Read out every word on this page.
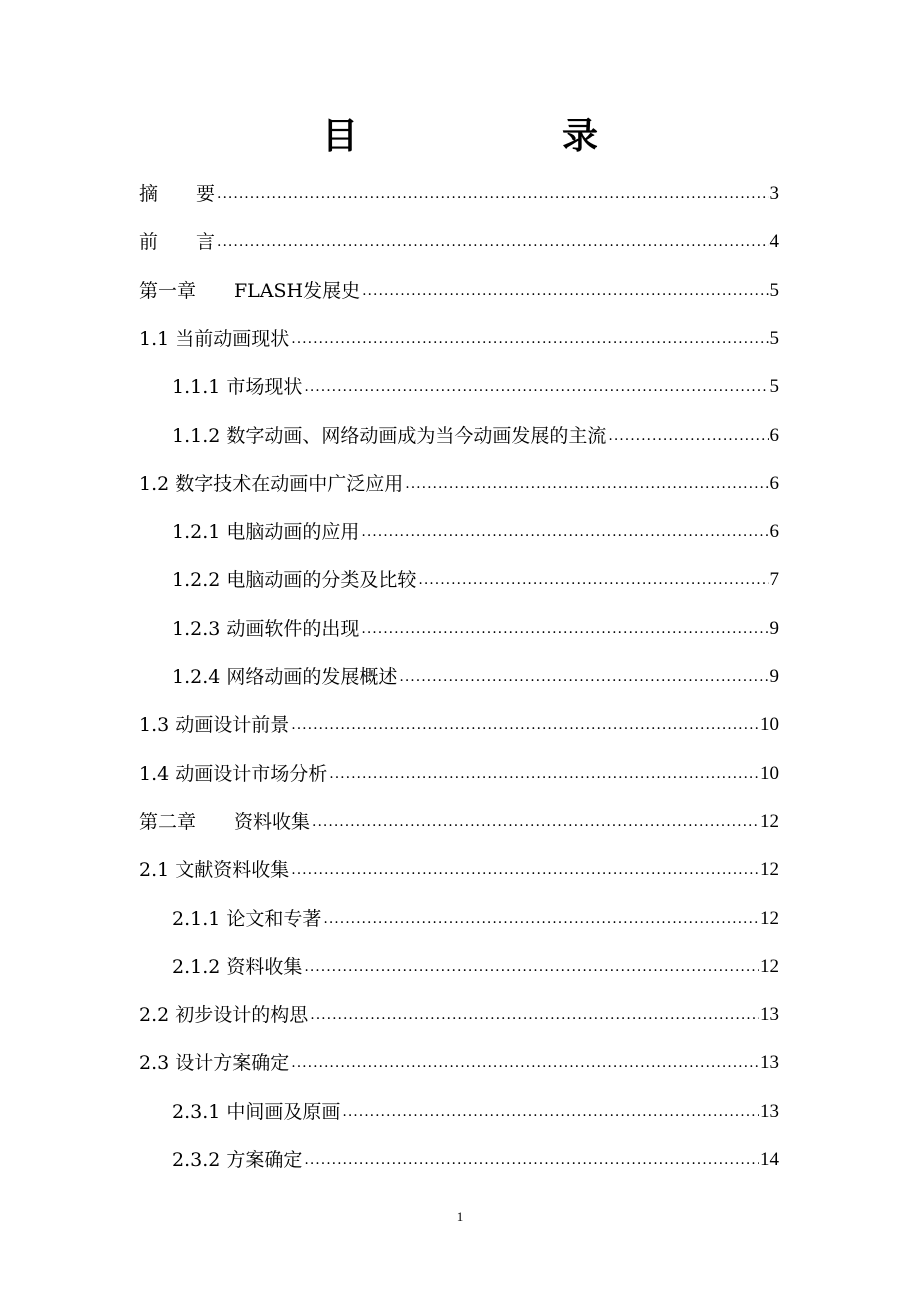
目　　录
摘　　要 .....	3
前　　言 .....	4
第一章　　FLASH发展史 .....	5
1.1 当前动画现状 .....	5
1.1.1 市场现状 .....	5
1.1.2 数字动画、网络动画成为当今动画发展的主流 .....	6
1.2 数字技术在动画中广泛应用 .....	6
1.2.1 电脑动画的应用 .....	6
1.2.2 电脑动画的分类及比较 .....	7
1.2.3 动画软件的出现 .....	9
1.2.4 网络动画的发展概述 .....	9
1.3 动画设计前景 .....	10
1.4 动画设计市场分析 .....	10
第二章　　资料收集 .....	12
2.1 文献资料收集 .....	12
2.1.1 论文和专著 .....	12
2.1.2 资料收集 .....	12
2.2 初步设计的构思 .....	13
2.3 设计方案确定 .....	13
2.3.1 中间画及原画 .....	13
2.3.2 方案确定 .....	14
1
